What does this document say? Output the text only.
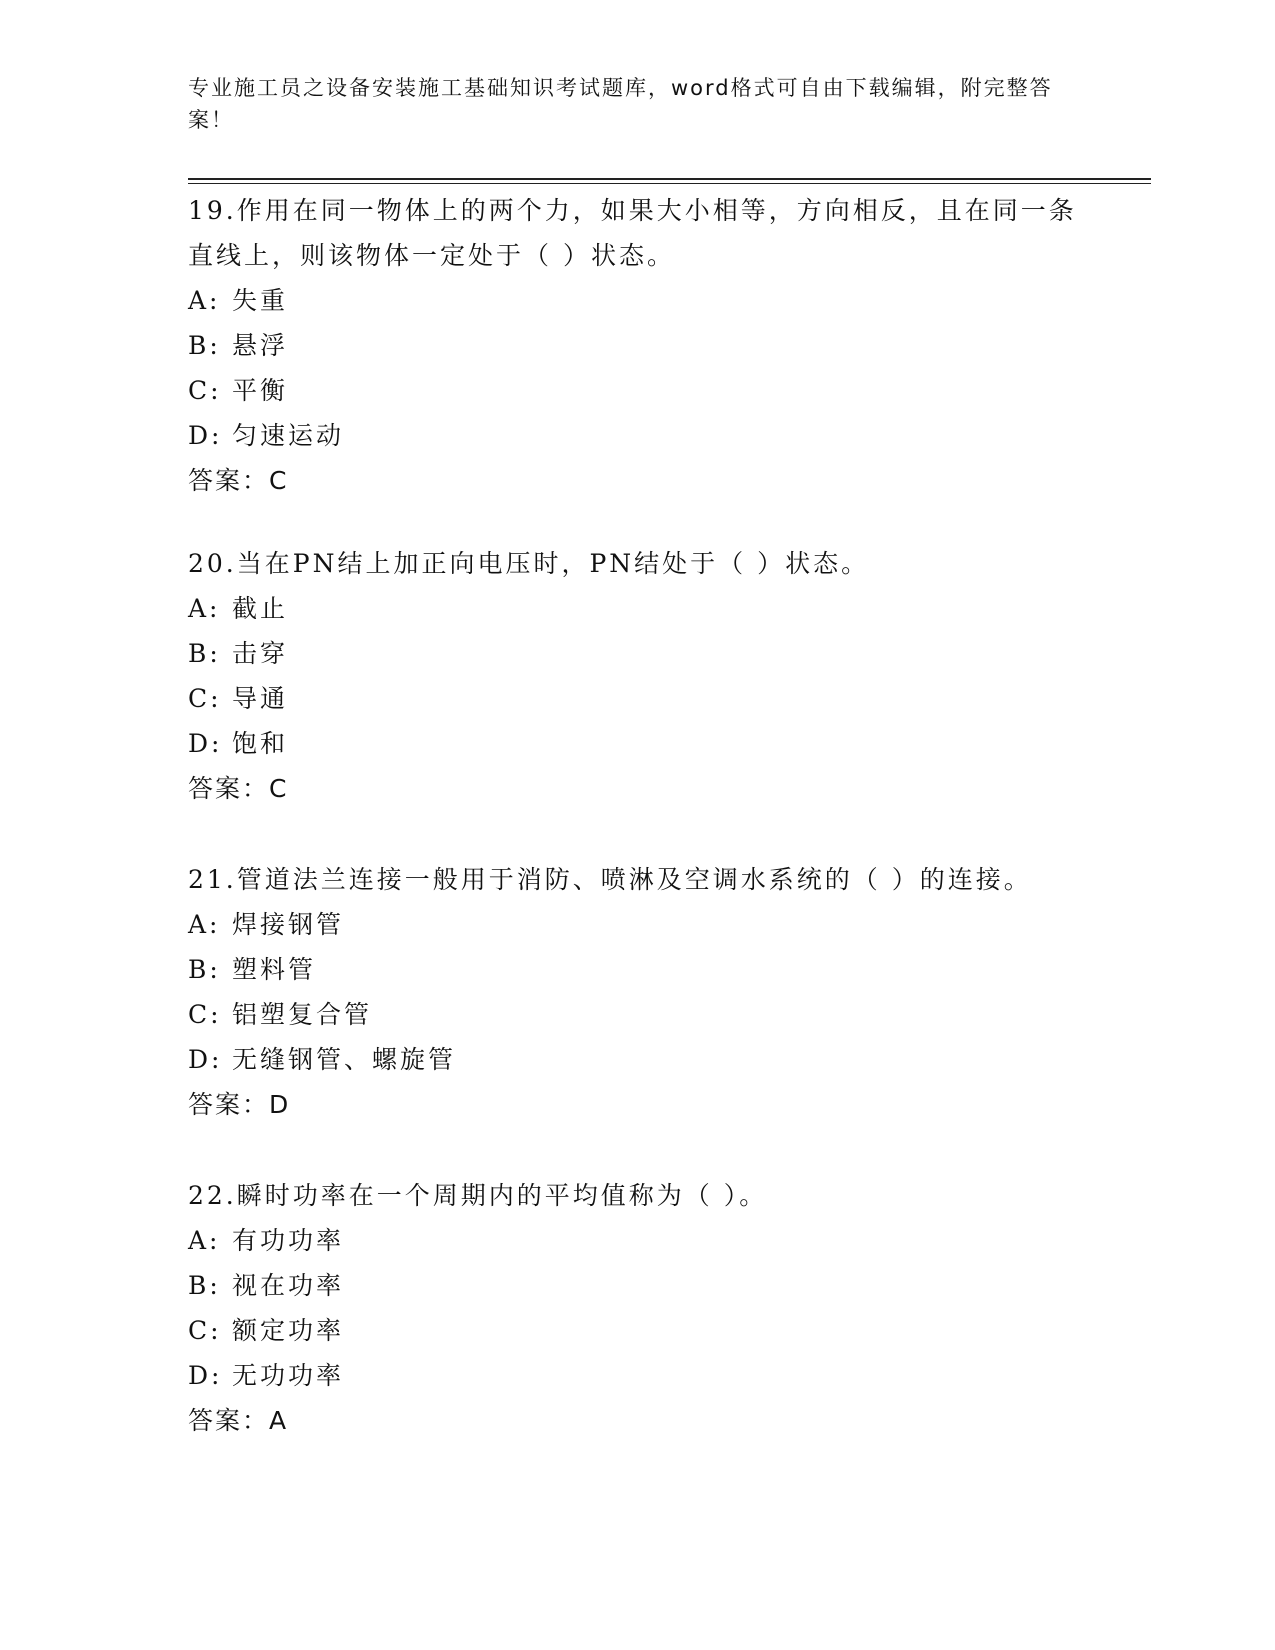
专业施工员之设备安装施工基础知识考试题库，word格式可自由下载编辑，附完整答案！

19.作用在同一物体上的两个力，如果大小相等，方向相反，且在同一条直线上，则该物体一定处于（ ）状态。

A: 失重

B: 悬浮

C: 平衡

D: 匀速运动

答案：C

20.当在PN结上加正向电压时，PN结处于（ ）状态。

A: 截止

B: 击穿

C: 导通

D: 饱和

答案：C

21.管道法兰连接一般用于消防、喷淋及空调水系统的（ ）的连接。

A: 焊接钢管

B: 塑料管

C: 铝塑复合管

D: 无缝钢管、螺旋管

答案：D

22.瞬时功率在一个周期内的平均值称为（ ）。

A: 有功功率

B: 视在功率

C: 额定功率

D: 无功功率

答案：A
